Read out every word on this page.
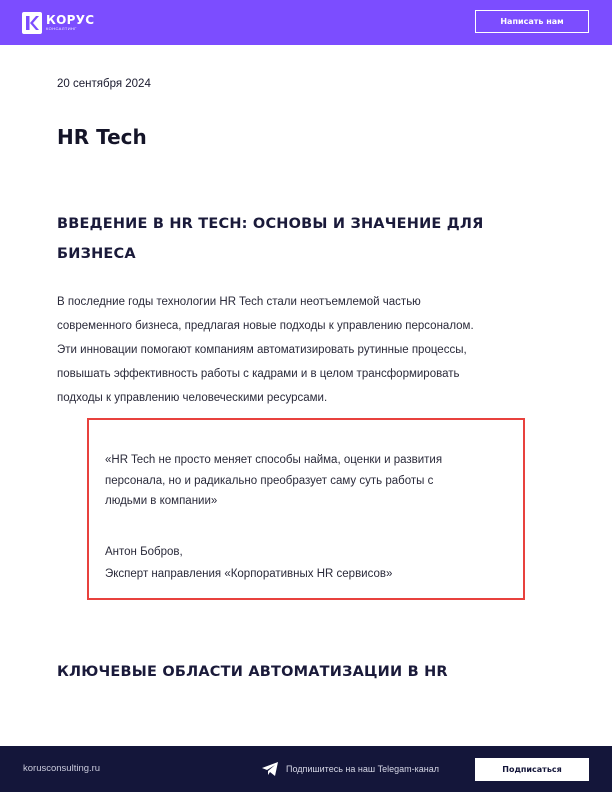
КОРУС
КОНСАЛТИНГ
Написать нам
20 сентября 2024
HR Tech
ВВЕДЕНИЕ В HR TECH: ОСНОВЫ И ЗНАЧЕНИЕ ДЛЯ
БИЗНЕСА
В последние годы технологии HR Tech стали неотъемлемой частью
современного бизнеса, предлагая новые подходы к управлению персоналом.
Эти инновации помогают компаниям автоматизировать рутинные процессы,
повышать эффективность работы с кадрами и в целом трансформировать
подходы к управлению человеческими ресурсами.
«HR Tech не просто меняет способы найма, оценки и развития
персонала, но и радикально преобразует саму суть работы с
людьми в компании»
Антон Бобров,
Эксперт направления «Корпоративных HR сервисов»
КЛЮЧЕВЫЕ ОБЛАСТИ АВТОМАТИЗАЦИИ В HR
korusconsulting.ru	Подпишитесь на наш Telegam-канал	Подписаться
